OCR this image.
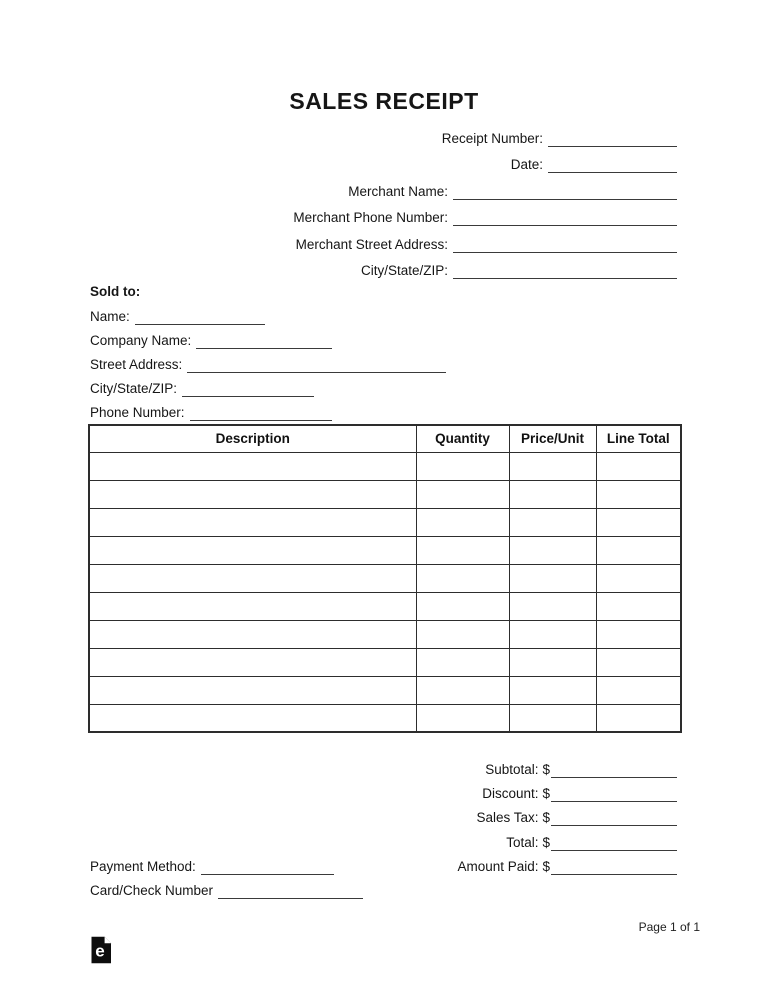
SALES RECEIPT
Receipt Number:
Date:
Merchant Name:
Merchant Phone Number:
Merchant Street Address:
City/State/ZIP:
Sold to:
Name:
Company Name:
Street Address:
City/State/ZIP:
Phone Number:
Description	Quantity	Price/Unit	Line Total

Subtotal: $
Discount: $
Sales Tax: $
Total: $
Amount Paid: $
Payment Method:
Card/Check Number
Page 1 of 1
e
